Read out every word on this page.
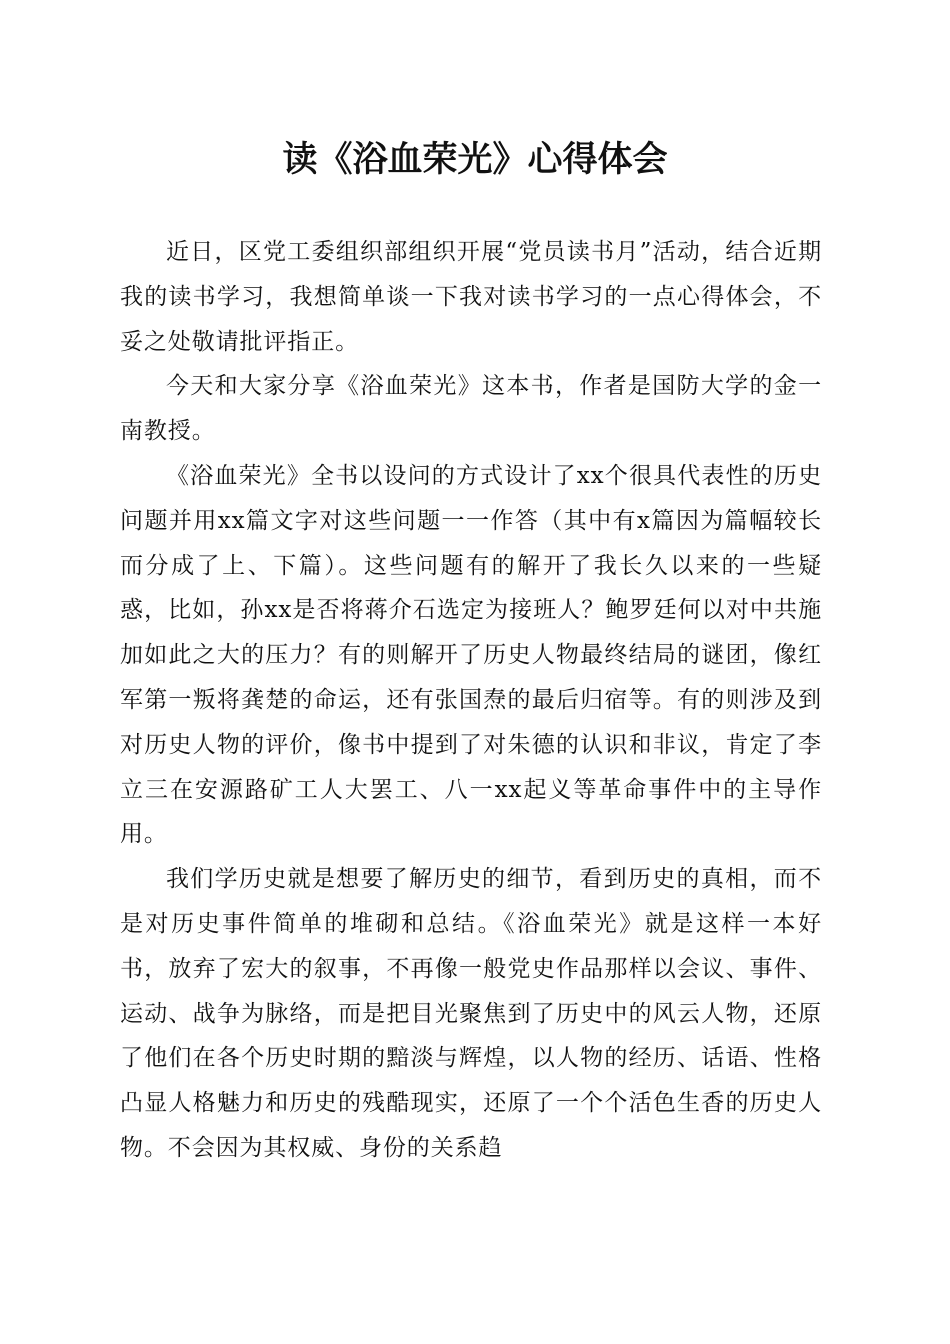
读《浴血荣光》心得体会

近日，区党工委组织部组织开展“党员读书月”活动，结合近期我的读书学习，我想简单谈一下我对读书学习的一点心得体会，不妥之处敬请批评指正。

今天和大家分享《浴血荣光》这本书，作者是国防大学的金一南教授。

《浴血荣光》全书以设问的方式设计了xx个很具代表性的历史问题并用xx篇文字对这些问题一一作答（其中有x篇因为篇幅较长而分成了上、下篇）。这些问题有的解开了我长久以来的一些疑惑，比如，孙xx是否将蒋介石选定为接班人？鲍罗廷何以对中共施加如此之大的压力？有的则解开了历史人物最终结局的谜团，像红军第一叛将龚楚的命运，还有张国焘的最后归宿等。有的则涉及到对历史人物的评价，像书中提到了对朱德的认识和非议，肯定了李立三在安源路矿工人大罢工、八一xx起义等革命事件中的主导作用。

我们学历史就是想要了解历史的细节，看到历史的真相，而不是对历史事件简单的堆砌和总结。《浴血荣光》就是这样一本好书，放弃了宏大的叙事，不再像一般党史作品那样以会议、事件、运动、战争为脉络，而是把目光聚焦到了历史中的风云人物，还原了他们在各个历史时期的黯淡与辉煌，以人物的经历、话语、性格凸显人格魅力和历史的残酷现实，还原了一个个活色生香的历史人物。不会因为其权威、身份的关系趋
